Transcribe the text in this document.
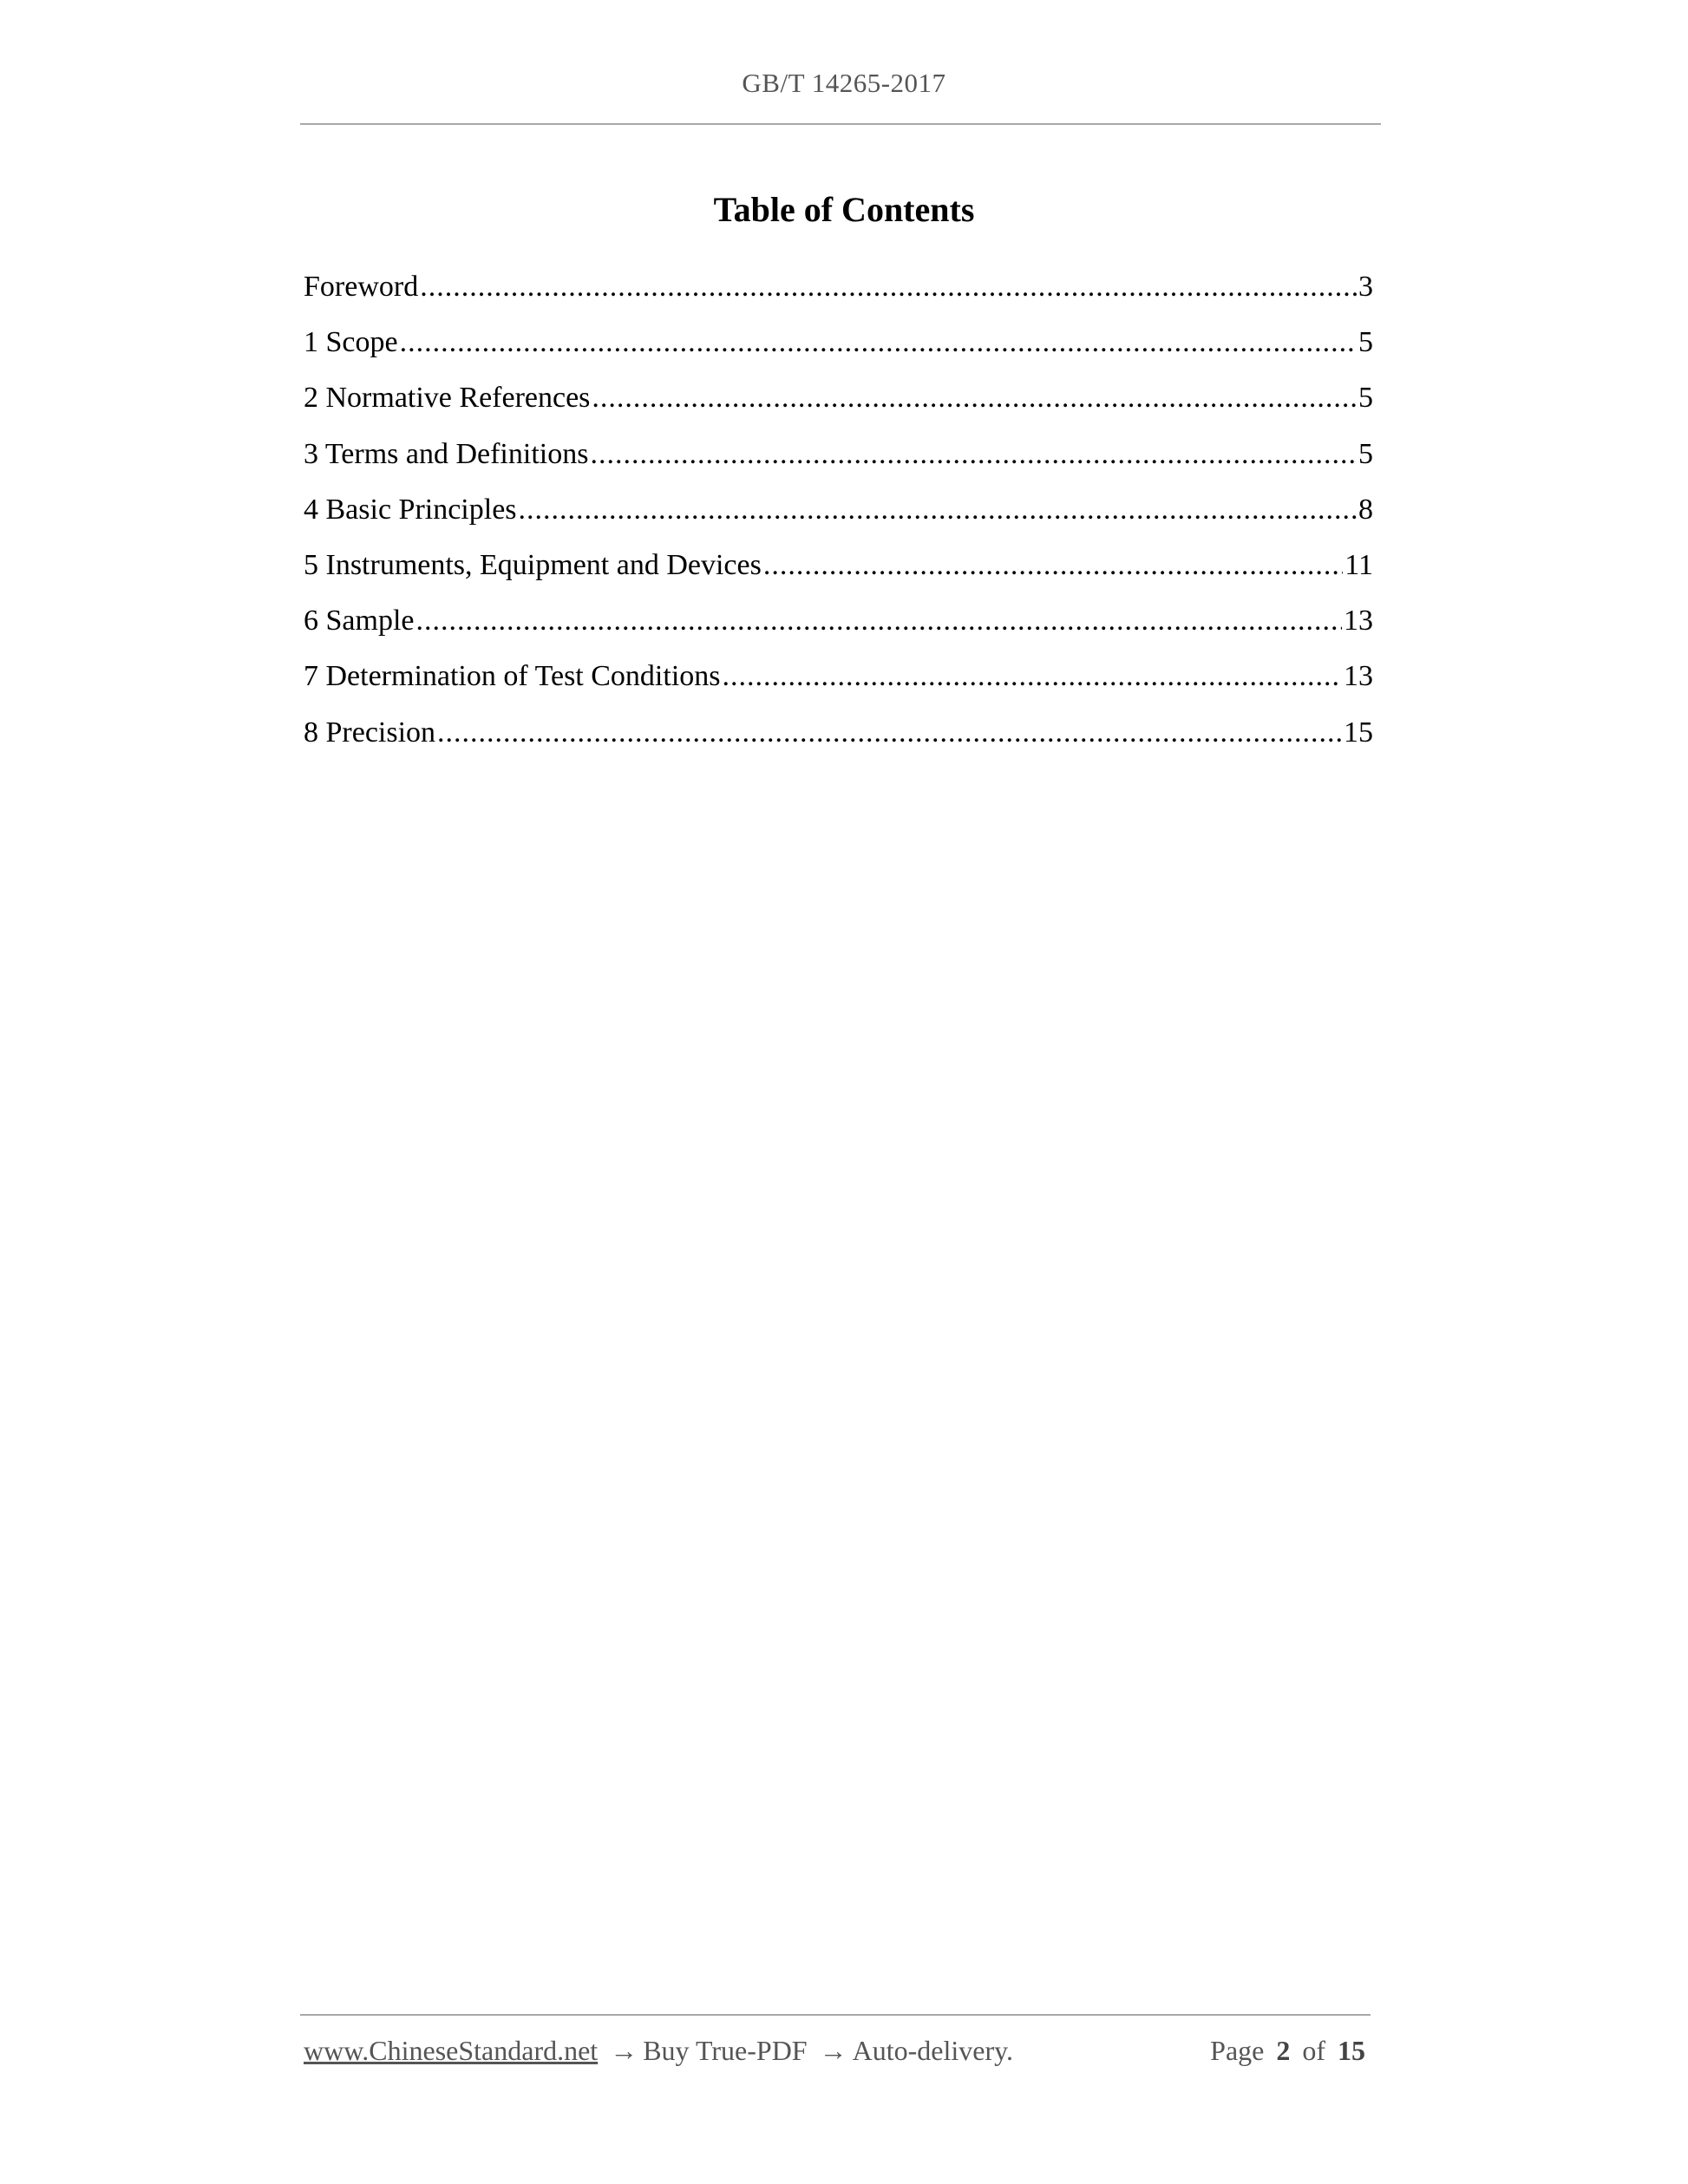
GB/T 14265-2017
Table of Contents
Foreword .....	3
1 Scope .....	5
2 Normative References .....	5
3 Terms and Definitions .....	5
4 Basic Principles .....	8
5 Instruments, Equipment and Devices .....	11
6 Sample .....	13
7 Determination of Test Conditions .....	13
8 Precision .....	15
www.ChineseStandard.net → Buy True-PDF → Auto-delivery.	Page 2 of 15
